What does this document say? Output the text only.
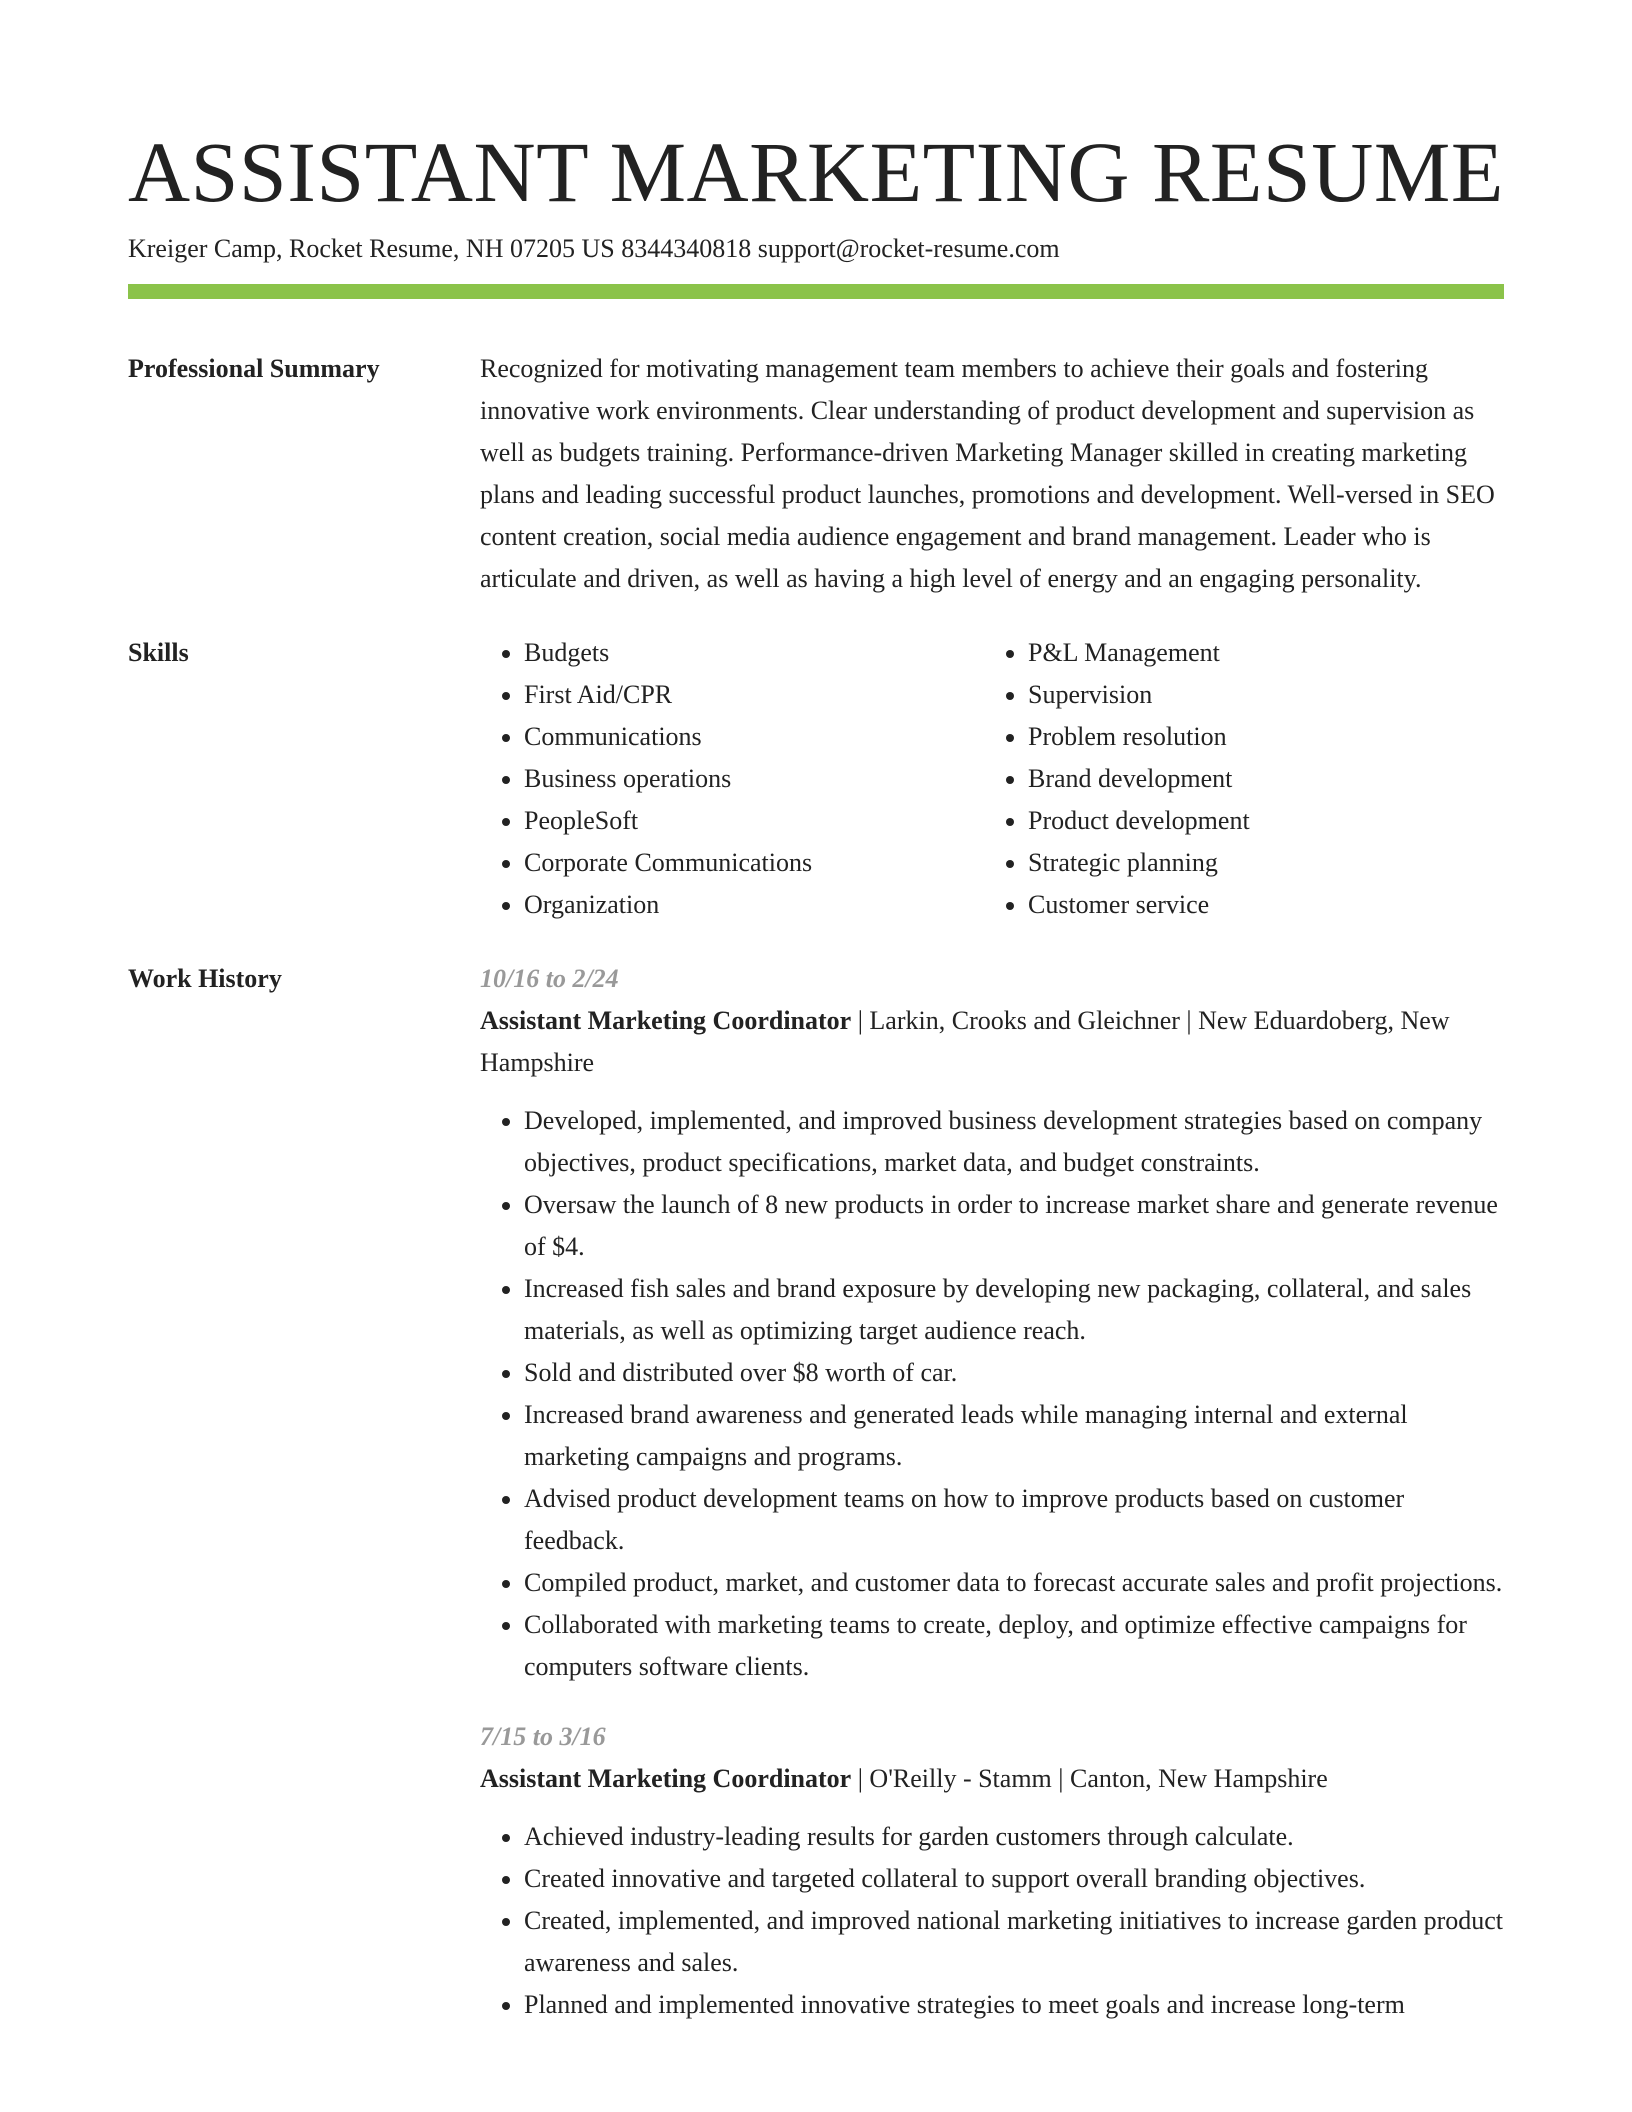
ASSISTANT MARKETING RESUME
Kreiger Camp, Rocket Resume, NH 07205 US 8344340818 support@rocket-resume.com
Professional Summary	Recognized for motivating management team members to achieve their goals and fostering innovative work environments. Clear understanding of product development and supervision as well as budgets training. Performance-driven Marketing Manager skilled in creating marketing plans and leading successful product launches, promotions and development. Well-versed in SEO content creation, social media audience engagement and brand management. Leader who is articulate and driven, as well as having a high level of energy and an engaging personality.

Skills
•	Budgets
• First Aid/CPR
• Communications
• Business operations
• PeopleSoft
• Corporate Communications
• Organization
• P&L Management
• Supervision
• Problem resolution
• Brand development
• Product development
• Strategic planning
• Customer service
Work History	10/16 to 2/24
Assistant Marketing Coordinator | Larkin, Crooks and Gleichner | New Eduardoberg, New Hampshire
• Developed, implemented, and improved business development strategies based on company objectives, product specifications, market data, and budget constraints.
• Oversaw the launch of 8 new products in order to increase market share and generate revenue of $4.
• Increased fish sales and brand exposure by developing new packaging, collateral, and sales materials, as well as optimizing target audience reach.
• Sold and distributed over $8 worth of car.
• Increased brand awareness and generated leads while managing internal and external marketing campaigns and programs.
• Advised product development teams on how to improve products based on customer feedback.
• Compiled product, market, and customer data to forecast accurate sales and profit projections.
• Collaborated with marketing teams to create, deploy, and optimize effective campaigns for computers software clients.
7/15 to 3/16
Assistant Marketing Coordinator | O'Reilly - Stamm | Canton, New Hampshire
• Achieved industry-leading results for garden customers through calculate.
• Created innovative and targeted collateral to support overall branding objectives.
• Created, implemented, and improved national marketing initiatives to increase garden product awareness and sales.
• Planned and implemented innovative strategies to meet goals and increase long-term
